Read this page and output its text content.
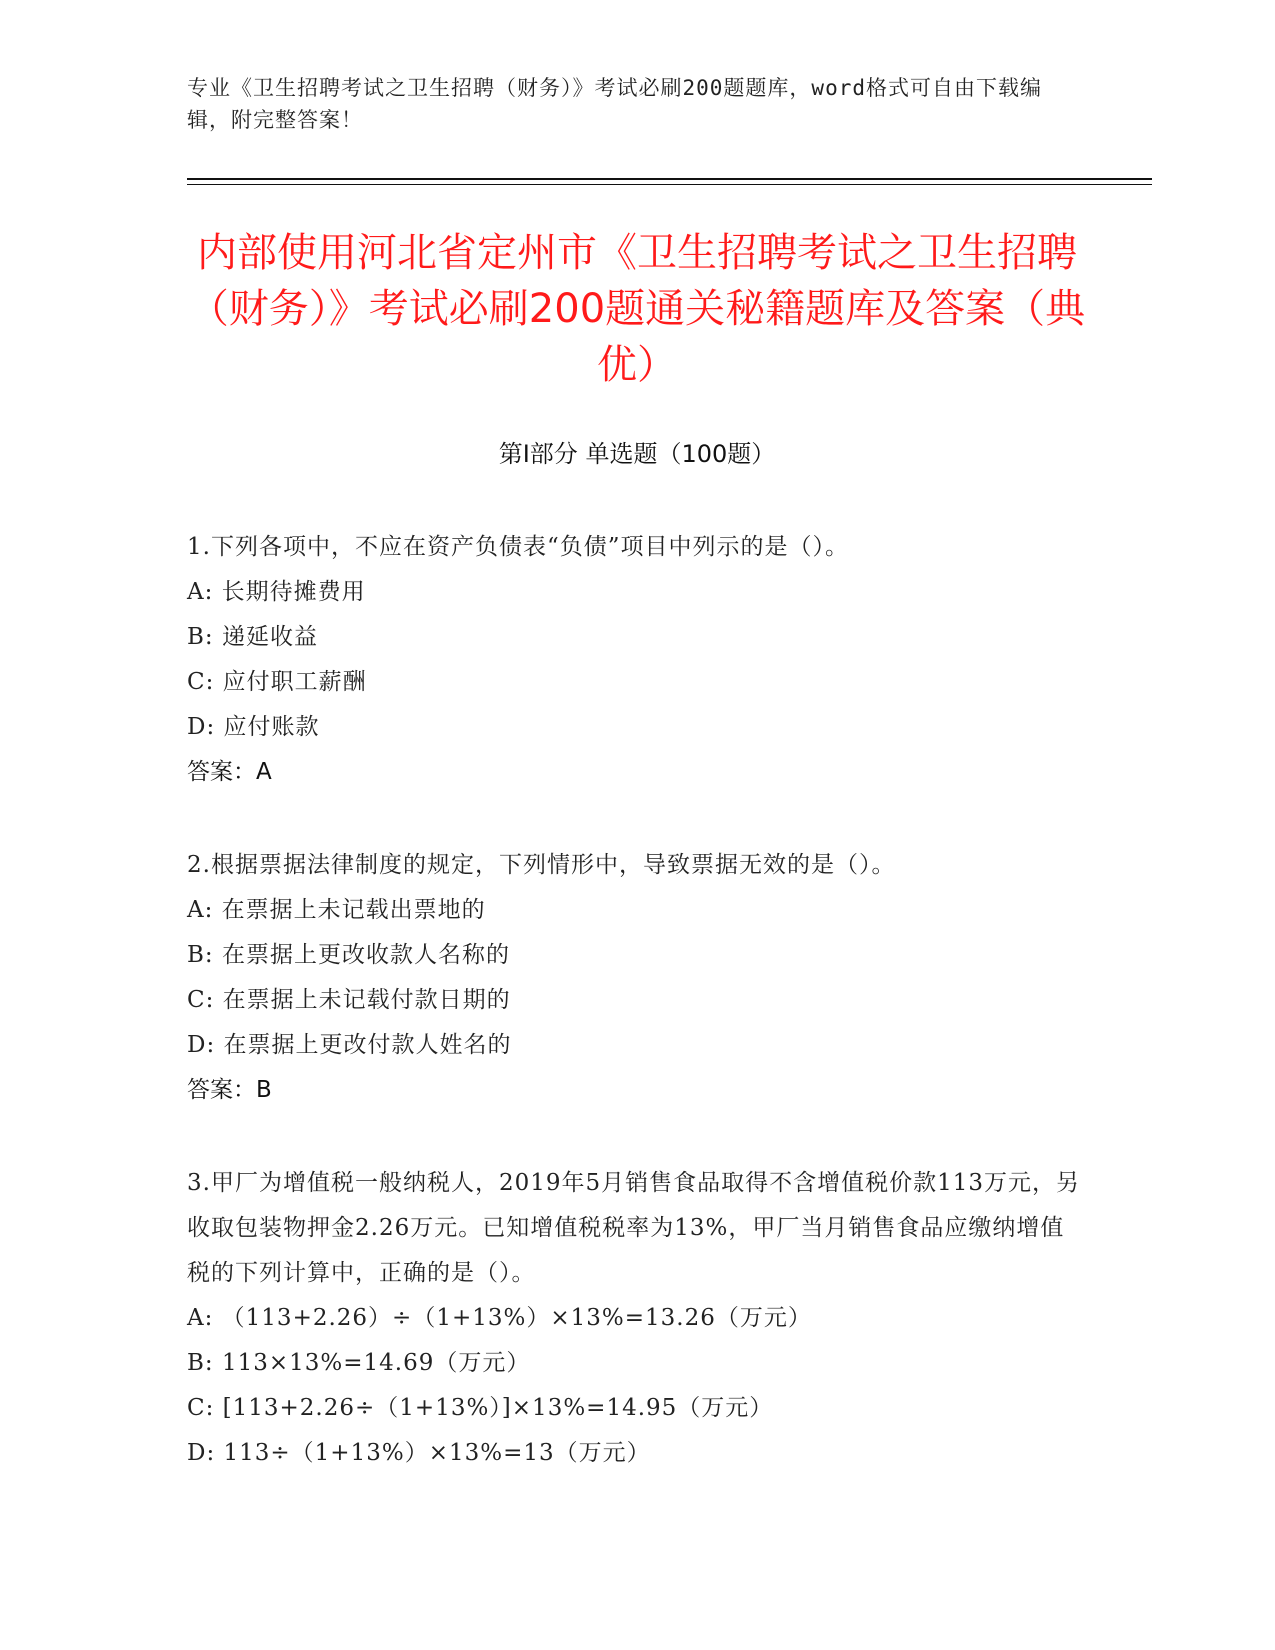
专业《卫生招聘考试之卫生招聘（财务）》考试必刷200题题库，word格式可自由下载编辑，附完整答案！
内部使用河北省定州市《卫生招聘考试之卫生招聘（财务）》考试必刷200题通关秘籍题库及答案（典优）
第Ⅰ部分 单选题（100题）
1.下列各项中，不应在资产负债表“负债”项目中列示的是（）。
A: 长期待摊费用
B: 递延收益
C: 应付职工薪酬
D: 应付账款
答案：A
2.根据票据法律制度的规定，下列情形中，导致票据无效的是（）。
A: 在票据上未记载出票地的
B: 在票据上更改收款人名称的
C: 在票据上未记载付款日期的
D: 在票据上更改付款人姓名的
答案：B
3.甲厂为增值税一般纳税人，2019年5月销售食品取得不含增值税价款113万元，另收取包装物押金2.26万元。已知增值税税率为13%，甲厂当月销售食品应缴纳增值税的下列计算中，正确的是（）。
A: （113+2.26）÷（1+13%）×13%=13.26（万元）
B: 113×13%=14.69（万元）
C: [113+2.26÷（1+13%）]×13%=14.95（万元）
D: 113÷（1+13%）×13%=13（万元）
